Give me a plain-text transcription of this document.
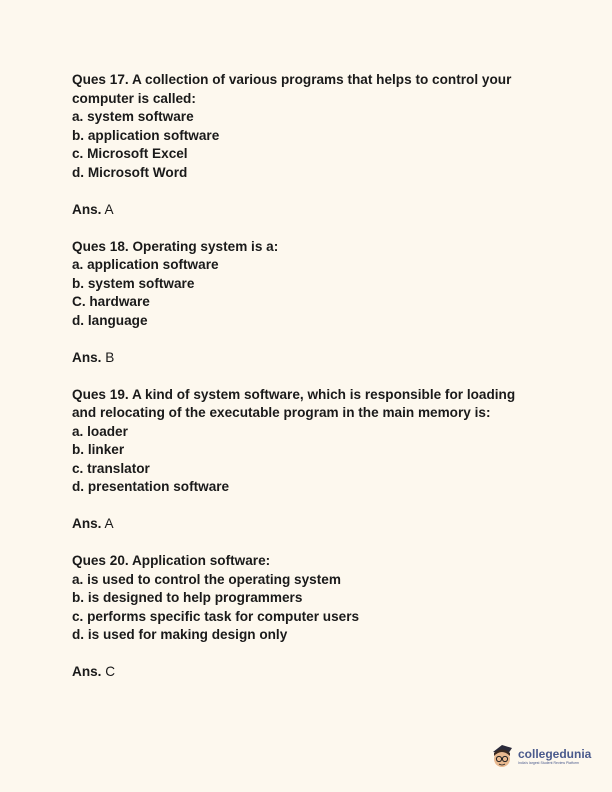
Ques 17. A collection of various programs that helps to control your
computer is called:
a. system software
b. application software
c. Microsoft Excel
d. Microsoft Word
Ans. A
Ques 18. Operating system is a:
a. application software
b. system software
C. hardware
d. language
Ans. B
Ques 19. A kind of system software, which is responsible for loading
and relocating of the executable program in the main memory is:
a. loader
b. linker
c. translator
d. presentation software
Ans. A
Ques 20. Application software:
a. is used to control the operating system
b. is designed to help programmers
c. performs specific task for computer users
d. is used for making design only
Ans. C
collegedunia
India's largest Student Review Platform
